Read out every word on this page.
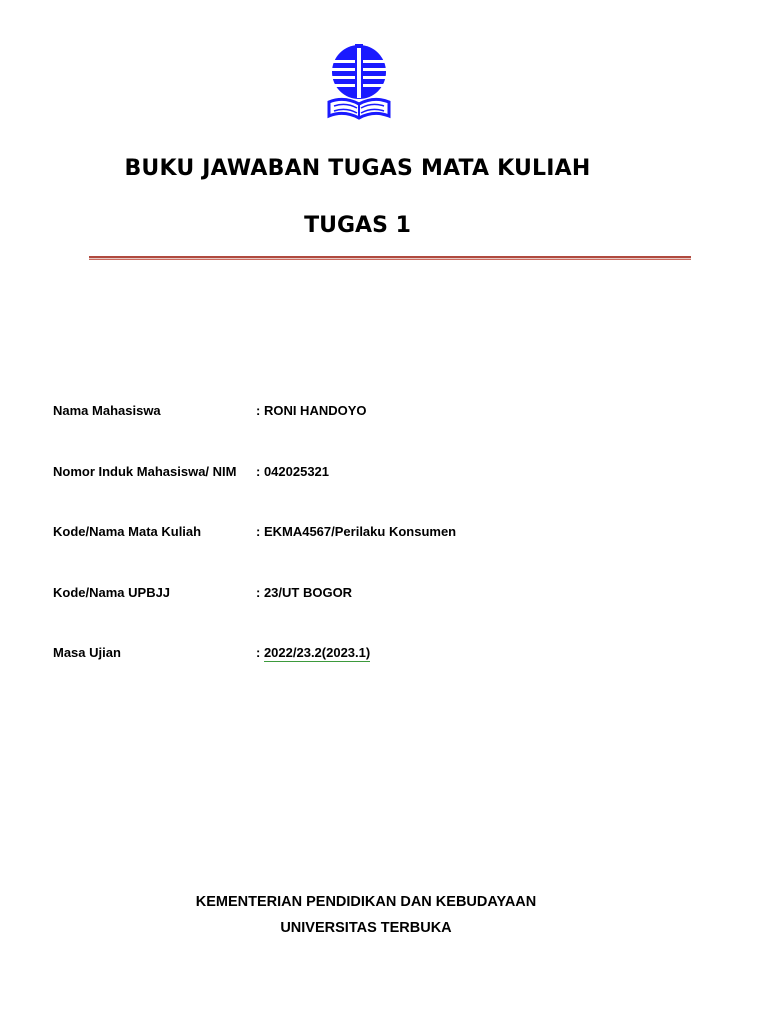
BUKU JAWABAN TUGAS MATA KULIAH
TUGAS 1
Nama Mahasiswa	: RONI HANDOYO
Nomor Induk Mahasiswa/ NIM : 042025321
Kode/Nama Mata Kuliah	: EKMA4567/Perilaku Konsumen
Kode/Nama UPBJJ	: 23/UT BOGOR
Masa Ujian	: 2022/23.2(2023.1)
KEMENTERIAN PENDIDIKAN DAN KEBUDAYAAN
UNIVERSITAS TERBUKA
